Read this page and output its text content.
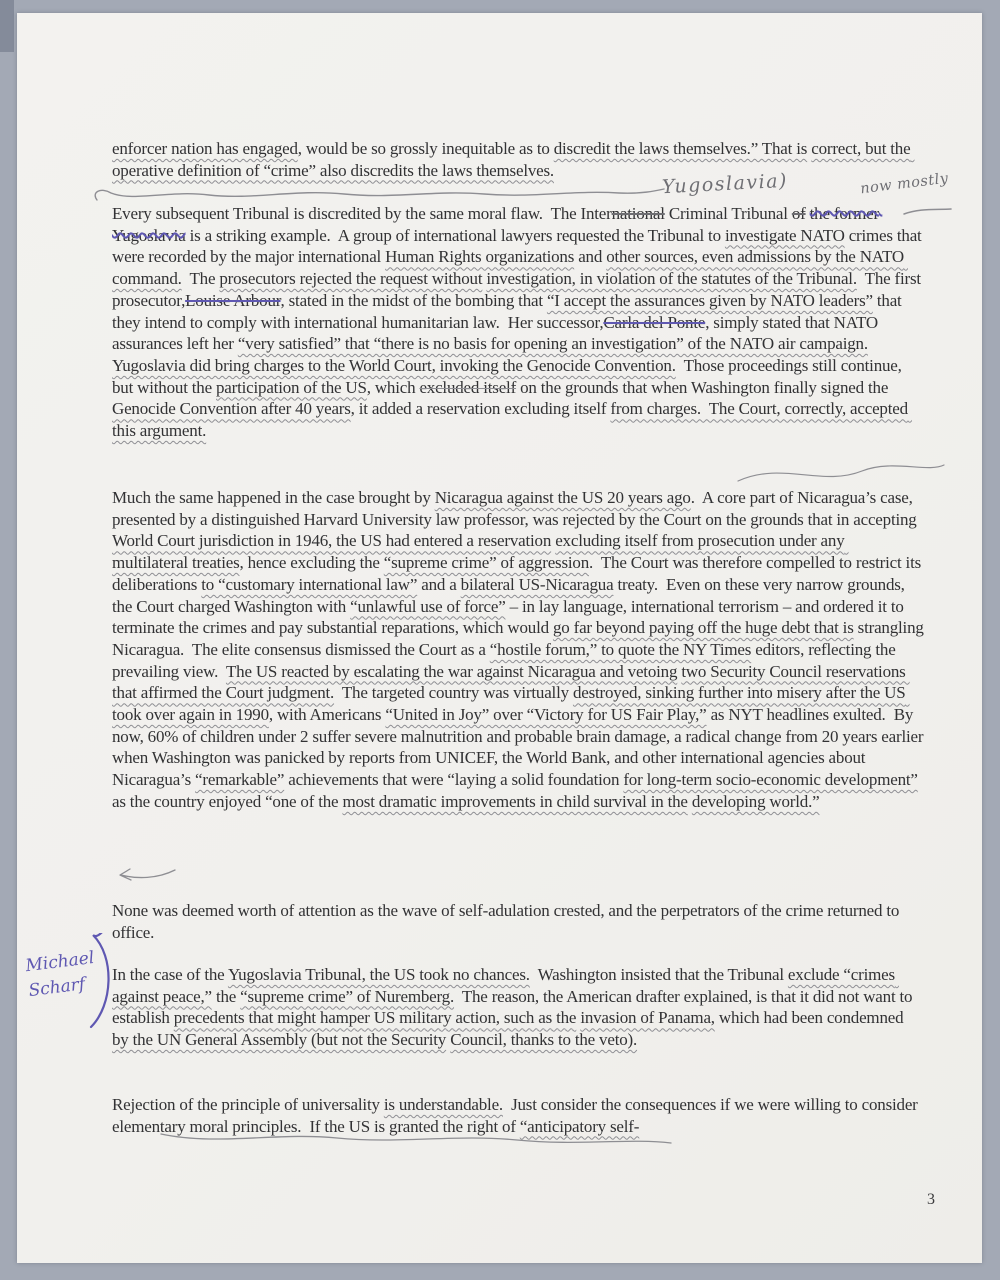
enforcer nation has engaged, would be so grossly inequitable as to discredit the laws themselves.” That is correct, but the operative definition of “crime” also discredits the laws themselves.

Every subsequent Tribunal is discredited by the same moral flaw.  The International Criminal Tribunal of the former Yugoslavia is a striking example.  A group of international lawyers requested the Tribunal to investigate NATO crimes that were recorded by the major international Human Rights organizations and other sources, even admissions by the NATO command.  The prosecutors rejected the request without investigation, in violation of the statutes of the Tribunal.  The first prosecutor,Louise Arbour, stated in the midst of the bombing that “I accept the assurances given by NATO leaders” that they intend to comply with international humanitarian law.  Her successor,Carla del Ponte, simply stated that NATO assurances left her “very satisfied” that “there is no basis for opening an investigation” of the NATO air campaign.  Yugoslavia did bring charges to the World Court, invoking the Genocide Convention.  Those proceedings still continue, but without the participation of the US, which excluded itself on the grounds that when Washington finally signed the Genocide Convention after 40 years, it added a reservation excluding itself from charges.  The Court, correctly, accepted this argument.

Much the same happened in the case brought by Nicaragua against the US 20 years ago.  A core part of Nicaragua’s case, presented by a distinguished Harvard University law professor, was rejected by the Court on the grounds that in accepting World Court jurisdiction in 1946, the US had entered a reservation excluding itself from prosecution under any multilateral treaties, hence excluding the “supreme crime” of aggression.  The Court was therefore compelled to restrict its deliberations to “customary international law” and a bilateral US-Nicaragua treaty.  Even on these very narrow grounds, the Court charged Washington with “unlawful use of force” – in lay language, international terrorism – and ordered it to terminate the crimes and pay substantial reparations, which would go far beyond paying off the huge debt that is strangling Nicaragua.  The elite consensus dismissed the Court as a “hostile forum,” to quote the NY Times editors, reflecting the prevailing view.  The US reacted by escalating the war against Nicaragua and vetoing two Security Council reservations that affirmed the Court judgment.  The targeted country was virtually destroyed, sinking further into misery after the US took over again in 1990, with Americans “United in Joy” over “Victory for US Fair Play,” as NYT headlines exulted.  By now, 60% of children under 2 suffer severe malnutrition and probable brain damage, a radical change from 20 years earlier when Washington was panicked by reports from UNICEF, the World Bank, and other international agencies about Nicaragua’s “remarkable” achievements that were “laying a solid foundation for long-term socio-economic development” as the country enjoyed “one of the most dramatic improvements in child survival in the developing world.”

None was deemed worth of attention as the wave of self-adulation crested, and the perpetrators of the crime returned to office.

In the case of the Yugoslavia Tribunal, the US took no chances.  Washington insisted that the Tribunal exclude “crimes against peace,” the “supreme crime” of Nuremberg.  The reason, the American drafter explained, is that it did not want to establish precedents that might hamper US military action, such as the invasion of Panama, which had been condemned by the UN General Assembly (but not the Security Council, thanks to the veto).

Rejection of the principle of universality is understandable.  Just consider the consequences if we were willing to consider elementary moral principles.  If the US is granted the right of “anticipatory self-

3
Yugoslavia)	now mostly
Michael
Scharf
